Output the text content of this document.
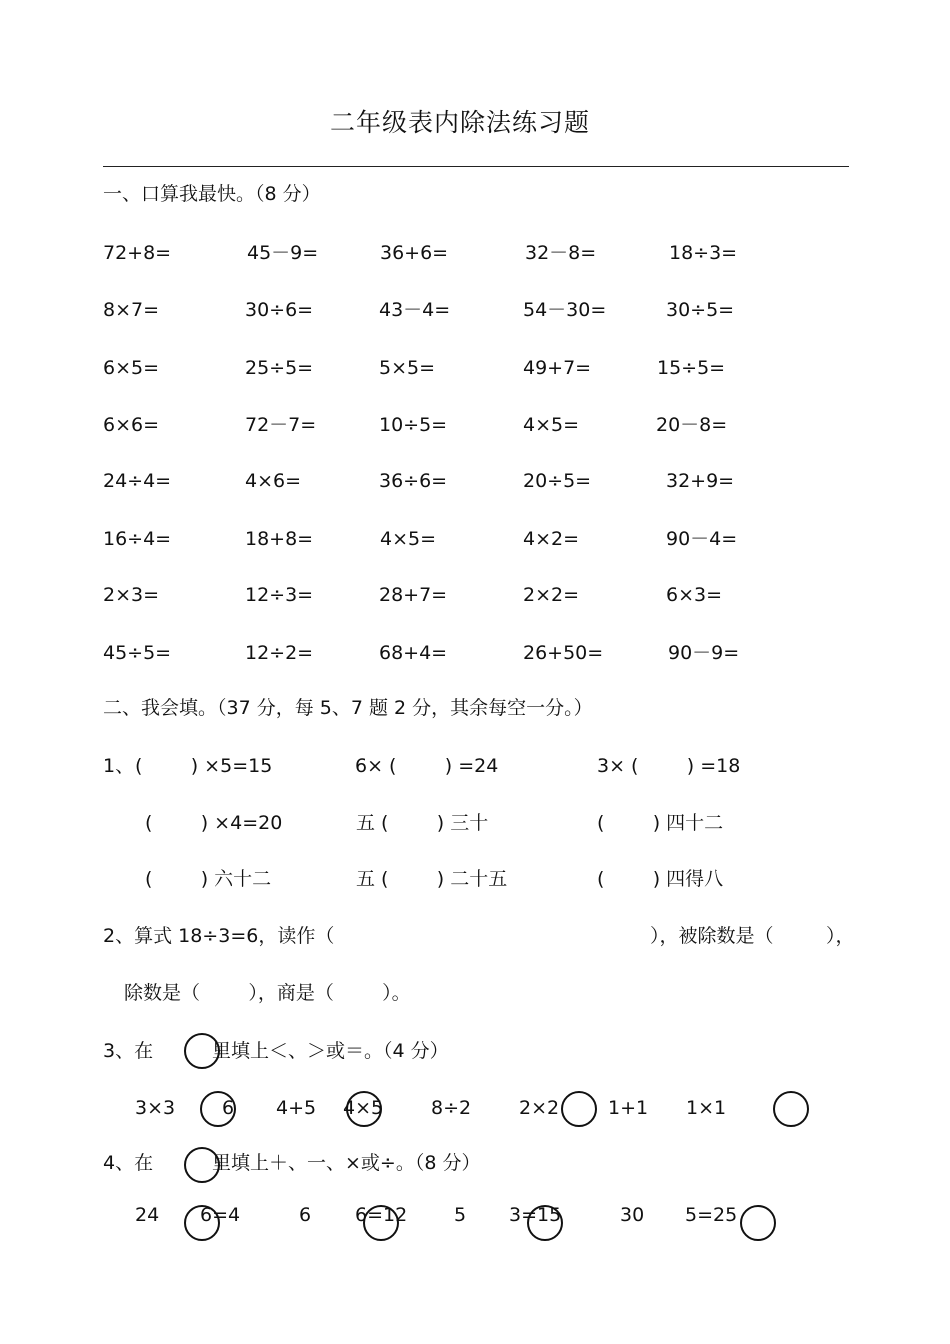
二年级表内除法练习题
一、口算我最快。（8 分）
72+8=	45－9=	36+6=	32－8=	18÷3=
8×7=	30÷6=	43－4=	54－30=	30÷5=
6×5=	25÷5=	5×5=	49+7=	15÷5=
6×6=	72－7=	10÷5=	4×5=	20－8=
24÷4=	4×6=	36÷6=	20÷5=	32+9=
16÷4=	18+8=	4×5=	4×2=	90－4=
2×3=	12÷3=	28+7=	2×2=	6×3=
45÷5=	12÷2=	68+4=	26+50=	90－9=
二、我会填。（37 分，每 5、7 题 2 分，其余每空一分。）
1、 (        ) ×5=15	6× (        ) =24	3× (        ) =18
(        ) ×4=20	五 (        ) 三十	(        ) 四十二
(        ) 六十二	五 (        ) 二十五	(        ) 四得八
2、算式 18÷3=6，读作（	），被除数是（	），
除数是（        ），商是（        ）。
3、在	里填上＜、＞或＝。（4 分）
3×3 6 4+5 4×5	8÷2	2×2	1+1 1×1
4、在	里填上＋、一、×或÷。（8 分）
24 6=4	6 6=12 5 3=15	30 5=25
